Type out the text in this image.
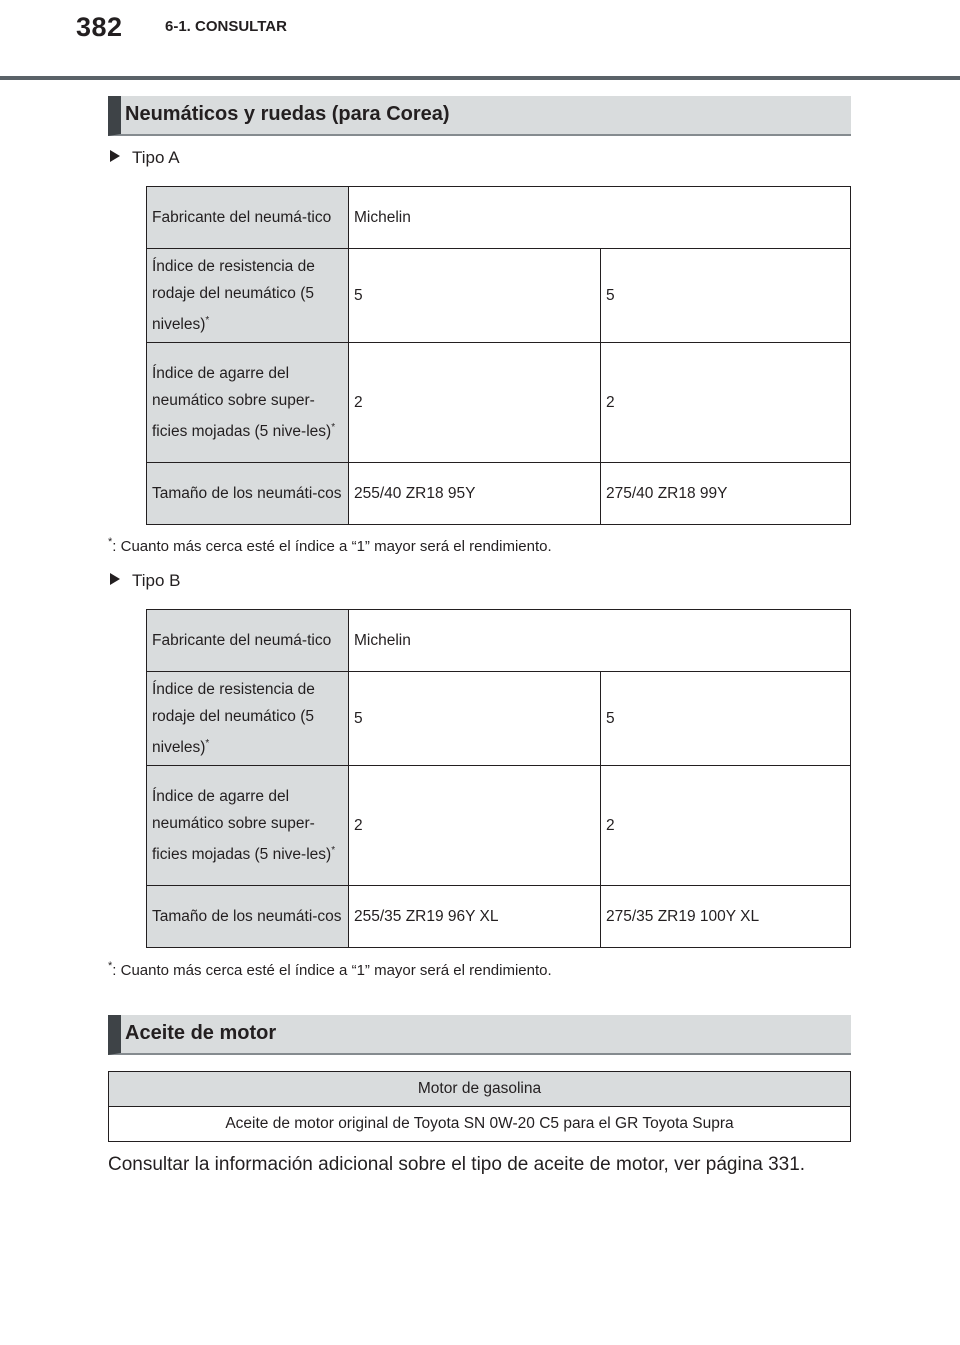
382	6-1. CONSULTAR
Neumáticos y ruedas (para Corea)
Tipo A
Fabricante del neumá-tico	Michelin	
Índice de resistencia de rodaje del neumático (5 niveles)*	5	5
Índice de agarre del neumático sobre super-ficies mojadas (5 nive-les)*	2	2
Tamaño de los neumáti-cos	255/40 ZR18 95Y	275/40 ZR18 99Y
*: Cuanto más cerca esté el índice a “1” mayor será el rendimiento.
Tipo B
Fabricante del neumá-tico	Michelin	
Índice de resistencia de rodaje del neumático (5 niveles)*	5	5
Índice de agarre del neumático sobre super-ficies mojadas (5 nive-les)*	2	2
Tamaño de los neumáti-cos	255/35 ZR19 96Y XL	275/35 ZR19 100Y XL
*: Cuanto más cerca esté el índice a “1” mayor será el rendimiento.
Aceite de motor
Motor de gasolina
Aceite de motor original de Toyota SN 0W-20 C5 para el GR Toyota Supra
Consultar la información adicional sobre el tipo de aceite de motor, ver página 331.
